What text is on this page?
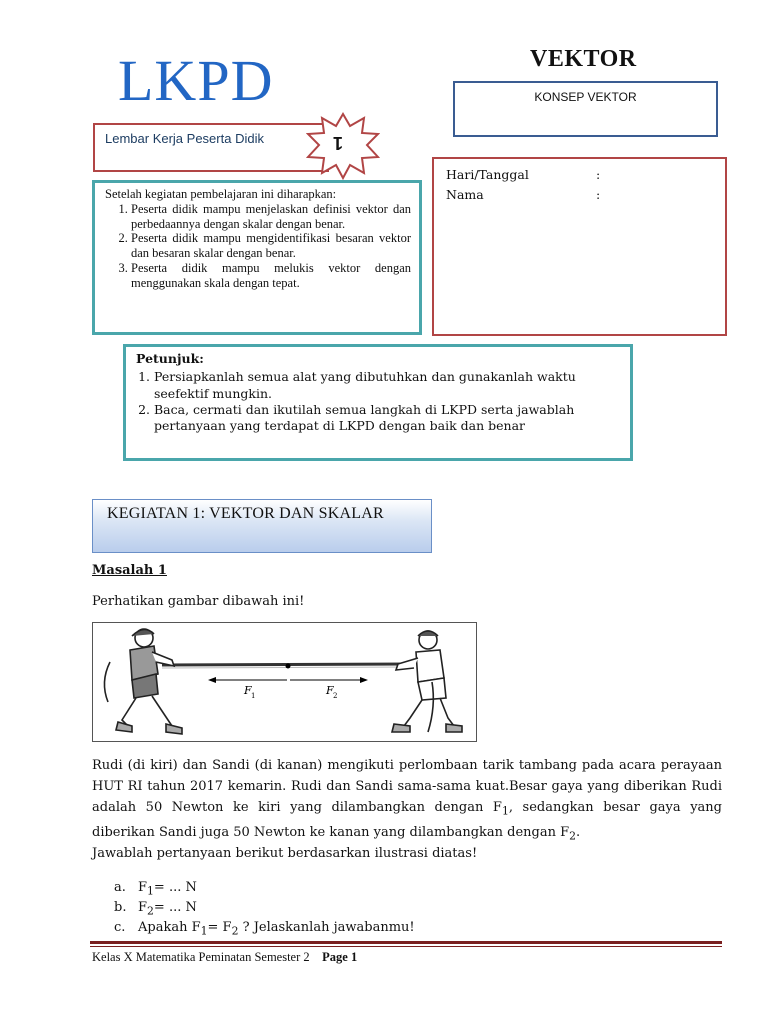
LKPD	VEKTOR
KONSEP VEKTOR
Lembar Kerja Peserta Didik	1
Setelah kegiatan pembelajaran ini diharapkan:
1. Peserta didik mampu menjelaskan definisi vektor dan perbedaannya dengan skalar dengan benar.
2. Peserta didik mampu mengidentifikasi besaran vektor dan besaran skalar dengan benar.
3. Peserta didik mampu melukis vektor dengan menggunakan skala dengan tepat.
Hari/Tanggal	:
Nama	:
Petunjuk:
1. Persiapkanlah semua alat yang dibutuhkan dan gunakanlah waktu seefektif mungkin.
2. Baca, cermati dan ikutilah semua langkah di LKPD serta jawablah pertanyaan yang terdapat di LKPD dengan baik dan benar
KEGIATAN 1: VEKTOR DAN SKALAR
Masalah 1
Perhatikan gambar dibawah ini!
F 1	F 2
Rudi (di kiri) dan Sandi (di kanan) mengikuti perlombaan tarik tambang pada acara perayaan HUT RI tahun 2017 kemarin. Rudi dan Sandi sama-sama kuat.Besar gaya yang diberikan Rudi adalah 50 Newton ke kiri yang dilambangkan dengan $F_1$, sedangkan besar gaya yang diberikan Sandi juga 50 Newton ke kanan yang dilambangkan dengan $F_2$.
Jawablah pertanyaan berikut berdasarkan ilustrasi diatas!
a. $F_1=$ ... N
b. $F_2=$ ... N
c. Apakah $F_1= F_2$ ? Jelaskanlah jawabanmu!
Kelas X Matematika Peminatan Semester 2 Page 1
